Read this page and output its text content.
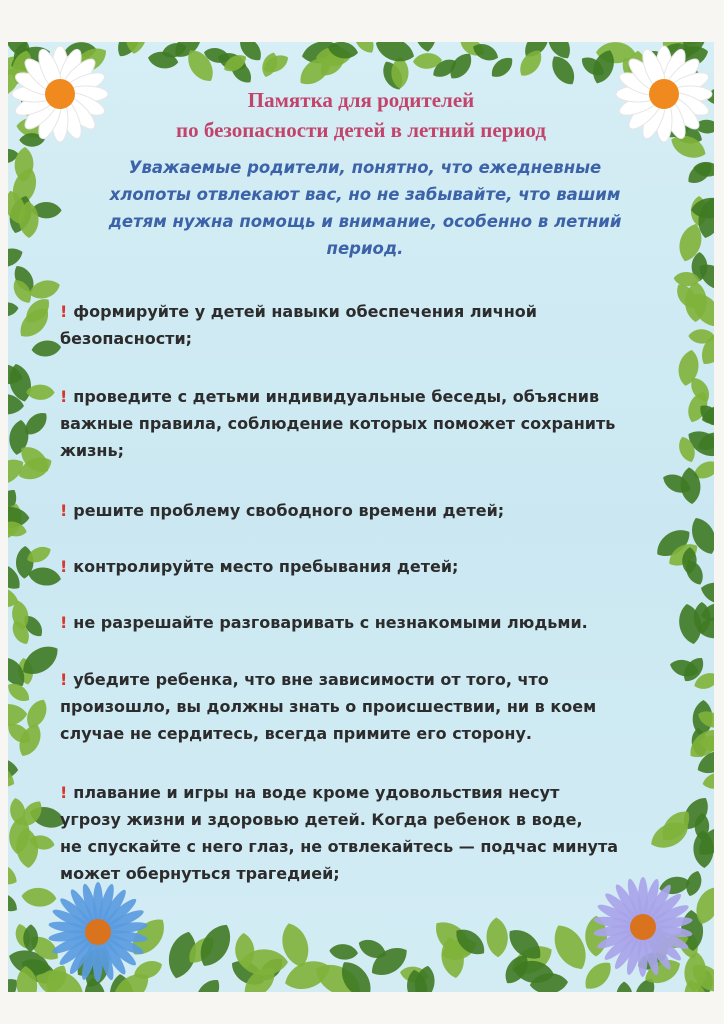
Памятка для родителей
по безопасности детей в летний период

Уважаемые родители, понятно, что ежедневные
хлопоты отвлекают вас, но не забывайте, что вашим
детям нужна помощь и внимание, особенно в летний
период.

! формируйте у детей навыки обеспечения личной
безопасности;

! проведите с детьми индивидуальные беседы, объяснив
важные правила, соблюдение которых поможет сохранить
жизнь;

! решите проблему свободного времени детей;

! контролируйте место пребывания детей;

! не разрешайте разговаривать с незнакомыми людьми.

! убедите ребенка, что вне зависимости от того, что
произошло, вы должны знать о происшествии, ни в коем
случае не сердитесь, всегда примите его сторону.

! плавание и игры на воде кроме удовольствия несут
угрозу жизни и здоровью детей. Когда ребенок в воде,
не спускайте с него глаз, не отвлекайтесь — подчас минута
может обернуться трагедией;
